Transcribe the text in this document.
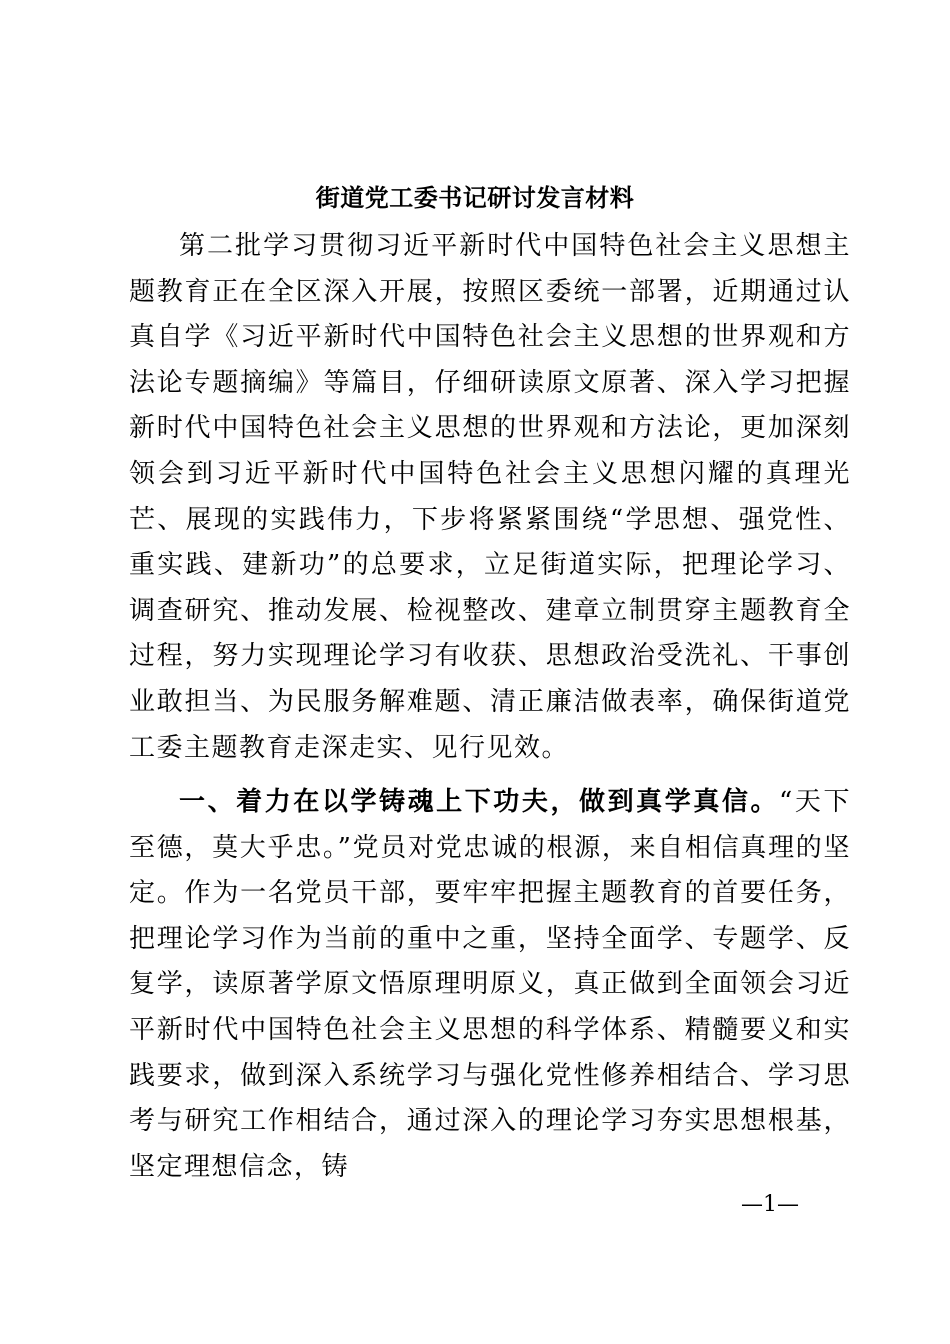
街道党工委书记研讨发言材料

第二批学习贯彻习近平新时代中国特色社会主义思想主题教育正在全区深入开展，按照区委统一部署，近期通过认真自学《习近平新时代中国特色社会主义思想的世界观和方法论专题摘编》等篇目，仔细研读原文原著、深入学习把握新时代中国特色社会主义思想的世界观和方法论，更加深刻领会到习近平新时代中国特色社会主义思想闪耀的真理光芒、展现的实践伟力，下步将紧紧围绕“学思想、强党性、重实践、建新功”的总要求，立足街道实际，把理论学习、调查研究、推动发展、检视整改、建章立制贯穿主题教育全过程，努力实现理论学习有收获、思想政治受洗礼、干事创业敢担当、为民服务解难题、清正廉洁做表率，确保街道党工委主题教育走深走实、见行见效。

一、着力在以学铸魂上下功夫，做到真学真信。“天下至德，莫大乎忠。”党员对党忠诚的根源，来自相信真理的坚定。作为一名党员干部，要牢牢把握主题教育的首要任务，把理论学习作为当前的重中之重，坚持全面学、专题学、反复学，读原著学原文悟原理明原义，真正做到全面领会习近平新时代中国特色社会主义思想的科学体系、精髓要义和实践要求，做到深入系统学习与强化党性修养相结合、学习思考与研究工作相结合，通过深入的理论学习夯实思想根基，坚定理想信念，铸

—1—
